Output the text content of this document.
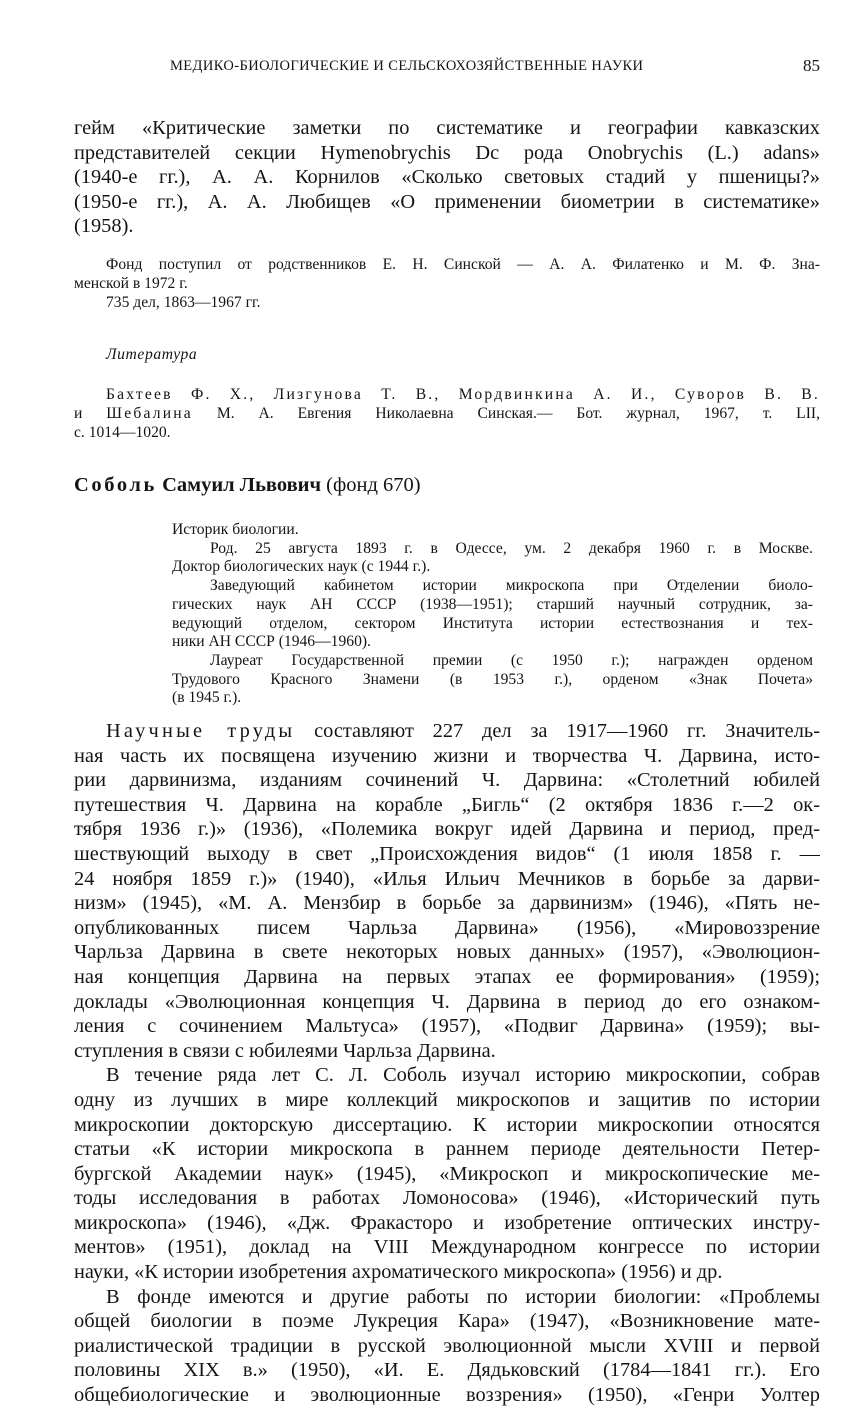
МЕДИКО-БИОЛОГИЧЕСКИЕ И СЕЛЬСКОХОЗЯЙСТВЕННЫЕ НАУКИ	85
гейм «Критические заметки по систематике и географии кавказских
представителей секции Hymenobrychis Dc рода Onobrychis (L.) adans»
(1940-е гг.), А. А. Корнилов «Сколько световых стадий у пшеницы?»
(1950-е гг.), А. А. Любищев «О применении биометрии в систематике»
(1958).
Фонд поступил от родственников Е. Н. Синской — А. А. Филатенко и М. Ф. Зна-
менской в 1972 г.
735 дел, 1863—1967 гг.
Литература
Бахтеев Ф. Х., Лизгунова Т. В., Мордвинкина А. И., Суворов В. В.
и Шебалина М. А. Евгения Николаевна Синская.— Бот. журнал, 1967, т. LII,
с. 1014—1020.
Соболь Самуил Львович (фонд 670)
Историк биологии.
Род. 25 августа 1893 г. в Одессе, ум. 2 декабря 1960 г. в Москве.
Доктор биологических наук (с 1944 г.).
Заведующий кабинетом истории микроскопа при Отделении биоло-
гических наук АН СССР (1938—1951); старший научный сотрудник, за-
ведующий отделом, сектором Института истории естествознания и тех-
ники АН СССР (1946—1960).
Лауреат Государственной премии (с 1950 г.); награжден орденом
Трудового Красного Знамени (в 1953 г.), орденом «Знак Почета»
(в 1945 г.).
Научные труды составляют 227 дел за 1917—1960 гг. Значитель-
ная часть их посвящена изучению жизни и творчества Ч. Дарвина, исто-
рии дарвинизма, изданиям сочинений Ч. Дарвина: «Столетний юбилей
путешествия Ч. Дарвина на корабле „Бигль“ (2 октября 1836 г.—2 ок-
тября 1936 г.)» (1936), «Полемика вокруг идей Дарвина и период, пред-
шествующий выходу в свет „Происхождения видов“ (1 июля 1858 г. —
24 ноября 1859 г.)» (1940), «Илья Ильич Мечников в борьбе за дарви-
низм» (1945), «М. А. Мензбир в борьбе за дарвинизм» (1946), «Пять не-
опубликованных писем Чарльза Дарвина» (1956), «Мировоззрение
Чарльза Дарвина в свете некоторых новых данных» (1957), «Эволюцион-
ная концепция Дарвина на первых этапах ее формирования» (1959);
доклады «Эволюционная концепция Ч. Дарвина в период до его ознаком-
ления с сочинением Мальтуса» (1957), «Подвиг Дарвина» (1959); вы-
ступления в связи с юбилеями Чарльза Дарвина.
В течение ряда лет С. Л. Соболь изучал историю микроскопии, собрав
одну из лучших в мире коллекций микроскопов и защитив по истории
микроскопии докторскую диссертацию. К истории микроскопии относятся
статьи «К истории микроскопа в раннем периоде деятельности Петер-
бургской Академии наук» (1945), «Микроскоп и микроскопические ме-
тоды исследования в работах Ломоносова» (1946), «Исторический путь
микроскопа» (1946), «Дж. Фракасторо и изобретение оптических инстру-
ментов» (1951), доклад на VIII Международном конгрессе по истории
науки, «К истории изобретения ахроматического микроскопа» (1956) и др.
В фонде имеются и другие работы по истории биологии: «Проблемы
общей биологии в поэме Лукреция Кара» (1947), «Возникновение мате-
риалистической традиции в русской эволюционной мысли XVIII и первой
половины XIX в.» (1950), «И. Е. Дядьковский (1784—1841 гг.). Его
общебиологические и эволюционные воззрения» (1950), «Генри Уолтер
